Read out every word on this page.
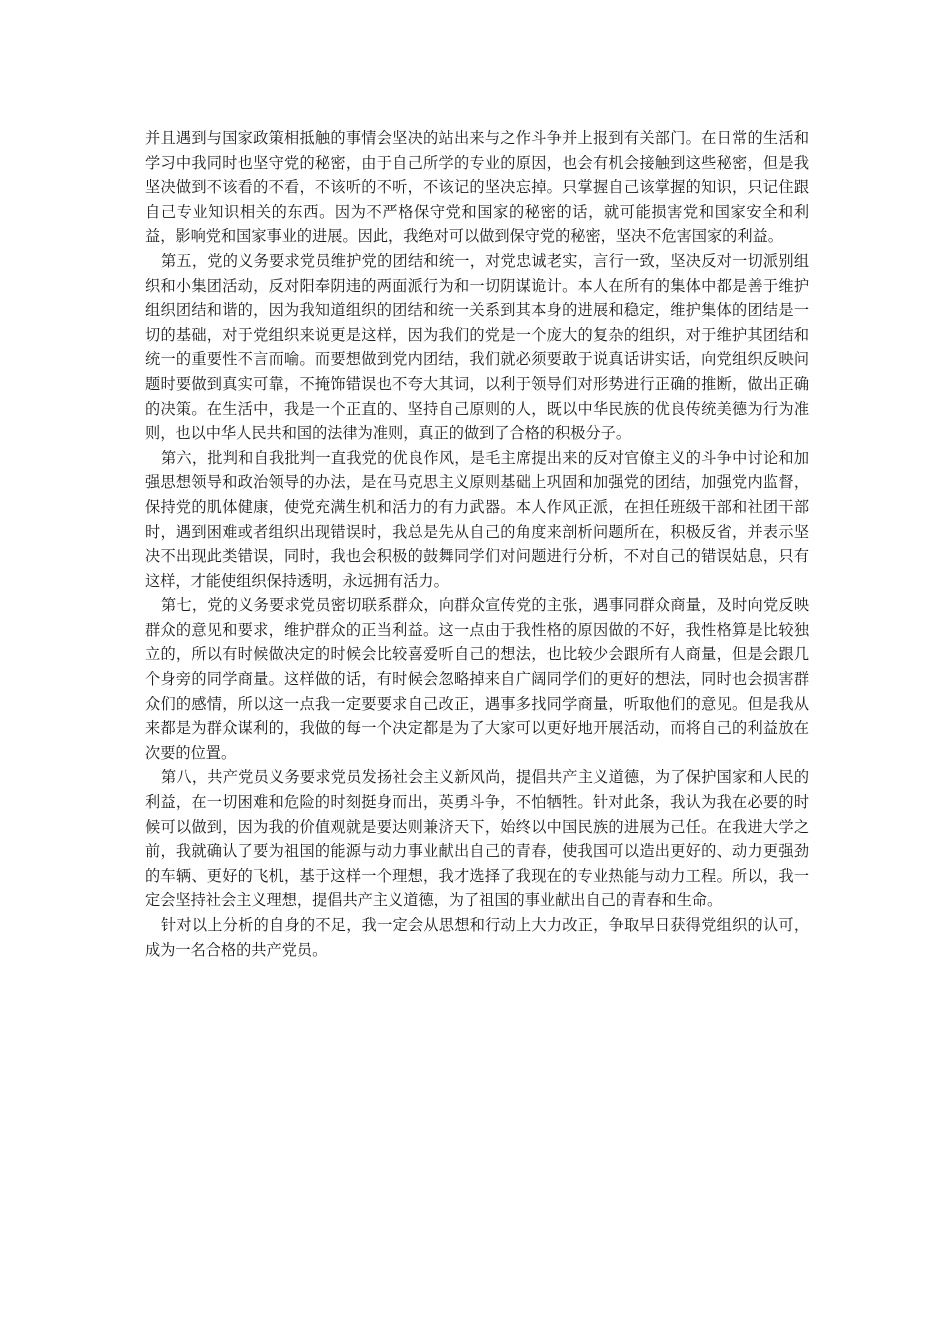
并且遇到与国家政策相抵触的事情会坚决的站出来与之作斗争并上报到有关部门。在日常的生活和学习中我同时也坚守党的秘密，由于自己所学的专业的原因，也会有机会接触到这些秘密，但是我坚决做到不该看的不看，不该听的不听，不该记的坚决忘掉。只掌握自己该掌握的知识，只记住跟自己专业知识相关的东西。因为不严格保守党和国家的秘密的话，就可能损害党和国家安全和利益，影响党和国家事业的进展。因此，我绝对可以做到保守党的秘密，坚决不危害国家的利益。

第五，党的义务要求党员维护党的团结和统一，对党忠诚老实，言行一致，坚决反对一切派别组织和小集团活动，反对阳奉阴违的两面派行为和一切阴谋诡计。本人在所有的集体中都是善于维护组织团结和谐的，因为我知道组织的团结和统一关系到其本身的进展和稳定，维护集体的团结是一切的基础，对于党组织来说更是这样，因为我们的党是一个庞大的复杂的组织，对于维护其团结和统一的重要性不言而喻。而要想做到党内团结，我们就必须要敢于说真话讲实话，向党组织反映问题时要做到真实可靠，不掩饰错误也不夸大其词，以利于领导们对形势进行正确的推断，做出正确的决策。在生活中，我是一个正直的、坚持自己原则的人，既以中华民族的优良传统美德为行为准则，也以中华人民共和国的法律为准则，真正的做到了合格的积极分子。

第六，批判和自我批判一直我党的优良作风，是毛主席提出来的反对官僚主义的斗争中讨论和加强思想领导和政治领导的办法，是在马克思主义原则基础上巩固和加强党的团结，加强党内监督，保持党的肌体健康，使党充满生机和活力的有力武器。本人作风正派，在担任班级干部和社团干部时，遇到困难或者组织出现错误时，我总是先从自己的角度来剖析问题所在，积极反省，并表示坚决不出现此类错误，同时，我也会积极的鼓舞同学们对问题进行分析，不对自己的错误姑息，只有这样，才能使组织保持透明，永远拥有活力。

第七，党的义务要求党员密切联系群众，向群众宣传党的主张，遇事同群众商量，及时向党反映群众的意见和要求，维护群众的正当利益。这一点由于我性格的原因做的不好，我性格算是比较独立的，所以有时候做决定的时候会比较喜爱听自己的想法，也比较少会跟所有人商量，但是会跟几个身旁的同学商量。这样做的话，有时候会忽略掉来自广阔同学们的更好的想法，同时也会损害群众们的感情，所以这一点我一定要要求自己改正，遇事多找同学商量，听取他们的意见。但是我从来都是为群众谋利的，我做的每一个决定都是为了大家可以更好地开展活动，而将自己的利益放在次要的位置。

第八，共产党员义务要求党员发扬社会主义新风尚，提倡共产主义道德，为了保护国家和人民的利益，在一切困难和危险的时刻挺身而出，英勇斗争，不怕牺牲。针对此条，我认为我在必要的时候可以做到，因为我的价值观就是要达则兼济天下，始终以中国民族的进展为己任。在我进大学之前，我就确认了要为祖国的能源与动力事业献出自己的青春，使我国可以造出更好的、动力更强劲的车辆、更好的飞机，基于这样一个理想，我才选择了我现在的专业热能与动力工程。所以，我一定会坚持社会主义理想，提倡共产主义道德，为了祖国的事业献出自己的青春和生命。

针对以上分析的自身的不足，我一定会从思想和行动上大力改正，争取早日获得党组织的认可，成为一名合格的共产党员。
